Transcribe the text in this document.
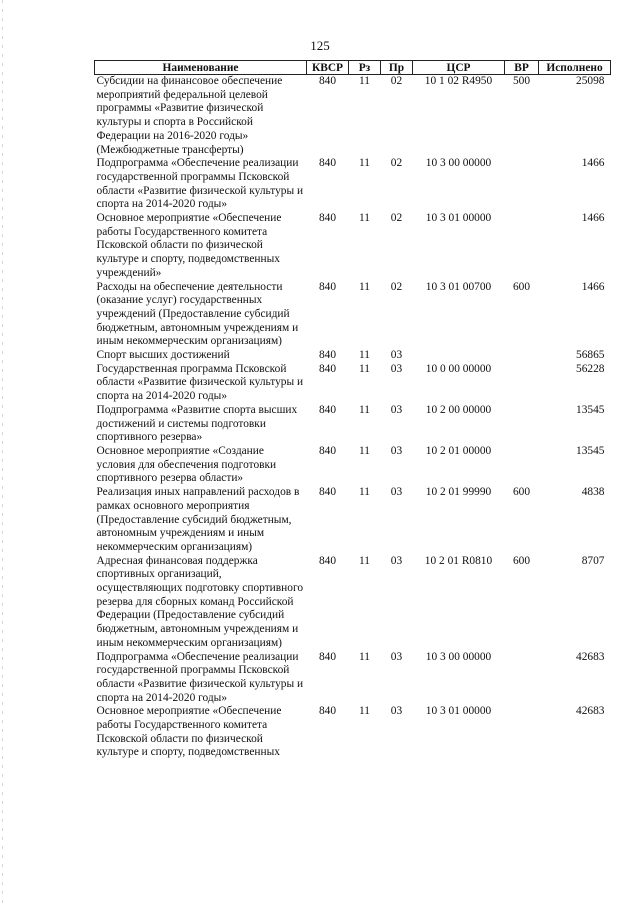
125
Наименование	КВСР	Рз	Пр	ЦСР	ВР	Исполнено
Субсидии на финансовое обеспечение мероприятий федеральной целевой программы «Развитие физической культуры и спорта в Российской Федерации на 2016-2020 годы» (Межбюджетные трансферты)	840	11	02	10 1 02 R4950	500	25098
Подпрограмма «Обеспечение реализации государственной программы Псковской области «Развитие физической культуры и спорта на 2014-2020 годы»	840	11	02	10 3 00 00000		1466
Основное мероприятие «Обеспечение работы Государственного комитета Псковской области по физической культуре и спорту, подведомственных учреждений»	840	11	02	10 3 01 00000		1466
Расходы на обеспечение деятельности (оказание услуг) государственных учреждений (Предоставление субсидий бюджетным, автономным учреждениям и иным некоммерческим организациям)	840	11	02	10 3 01 00700	600	1466
Спорт высших достижений	840	11	03			56865
Государственная программа Псковской области «Развитие физической культуры и спорта на 2014-2020 годы»	840	11	03	10 0 00 00000		56228
Подпрограмма «Развитие спорта высших достижений и системы подготовки спортивного резерва»	840	11	03	10 2 00 00000		13545
Основное мероприятие «Создание условия для обеспечения подготовки спортивного резерва области»	840	11	03	10 2 01 00000		13545
Реализация иных направлений расходов в рамках основного мероприятия (Предоставление субсидий бюджетным, автономным учреждениям и иным некоммерческим организациям)	840	11	03	10 2 01 99990	600	4838
Адресная финансовая поддержка спортивных организаций, осуществляющих подготовку спортивного резерва для сборных команд Российской Федерации (Предоставление субсидий бюджетным, автономным учреждениям и иным некоммерческим организациям)	840	11	03	10 2 01 R0810	600	8707
Подпрограмма «Обеспечение реализации государственной программы Псковской области «Развитие физической культуры и спорта на 2014-2020 годы»	840	11	03	10 3 00 00000		42683
Основное мероприятие «Обеспечение работы Государственного комитета Псковской области по физической культуре и спорту, подведомственных	840	11	03	10 3 01 00000		42683
